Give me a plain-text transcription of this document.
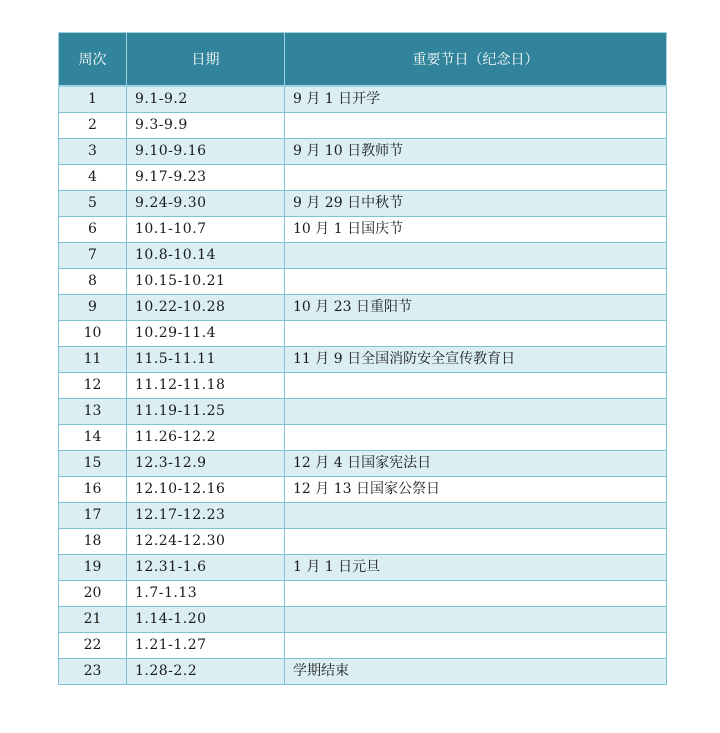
周次	日期	重要节日（纪念日）
1	9.1-9.2	9 月 1 日开学
2	9.3-9.9	
3	9.10-9.16	9 月 10 日教师节
4	9.17-9.23	
5	9.24-9.30	9 月 29 日中秋节
6	10.1-10.7	10 月 1 日国庆节
7	10.8-10.14	
8	10.15-10.21	
9	10.22-10.28	10 月 23 日重阳节
10	10.29-11.4	
11	11.5-11.11	11 月 9 日全国消防安全宣传教育日
12	11.12-11.18	
13	11.19-11.25	
14	11.26-12.2	
15	12.3-12.9	12 月 4 日国家宪法日
16	12.10-12.16	12 月 13 日国家公祭日
17	12.17-12.23	
18	12.24-12.30	
19	12.31-1.6	1 月 1 日元旦
20	1.7-1.13	
21	1.14-1.20	
22	1.21-1.27	
23	1.28-2.2	学期结束
